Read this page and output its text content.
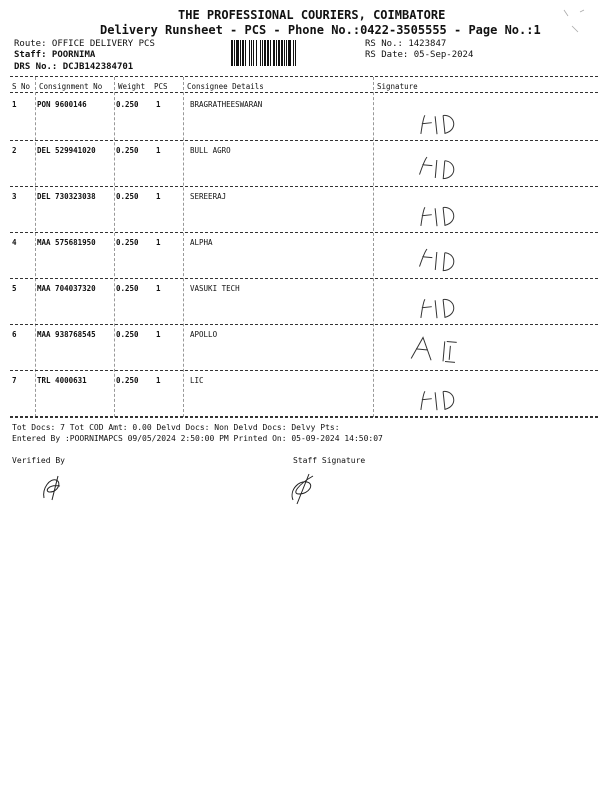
THE PROFESSIONAL COURIERS, COIMBATORE
Delivery Runsheet - PCS - Phone No.:0422-3505555 - Page No.:1
Route: OFFICE DELIVERY PCS
Staff: POORNIMA
DRS No.: DCJB142384701
RS No.: 1423847
RS Date: 05-Sep-2024
S No Consignment No Weight PCS	Consignee Details	Signature
Tot Docs: 7 Tot COD Amt: 0.00 Delvd Docs: Non Delvd Docs: Delvy Pts:
Entered By :POORNIMAPCS 09/05/2024 2:50:00 PM Printed On: 05-09-2024 14:50:07
Verified By	Staff Signature
1	PON 9600146	0.250 1	BRAGRATHEESWARAN
2	DEL 529941020	0.250 1	BULL AGRO
3	DEL 730323038	0.250 1	SEREERAJ
4	MAA 575681950	0.250 1	ALPHA
5	MAA 704037320	0.250 1	VASUKI TECH
6	MAA 938768545	0.250 1	APOLLO
7	TRL 4000631	0.250 1	LIC
